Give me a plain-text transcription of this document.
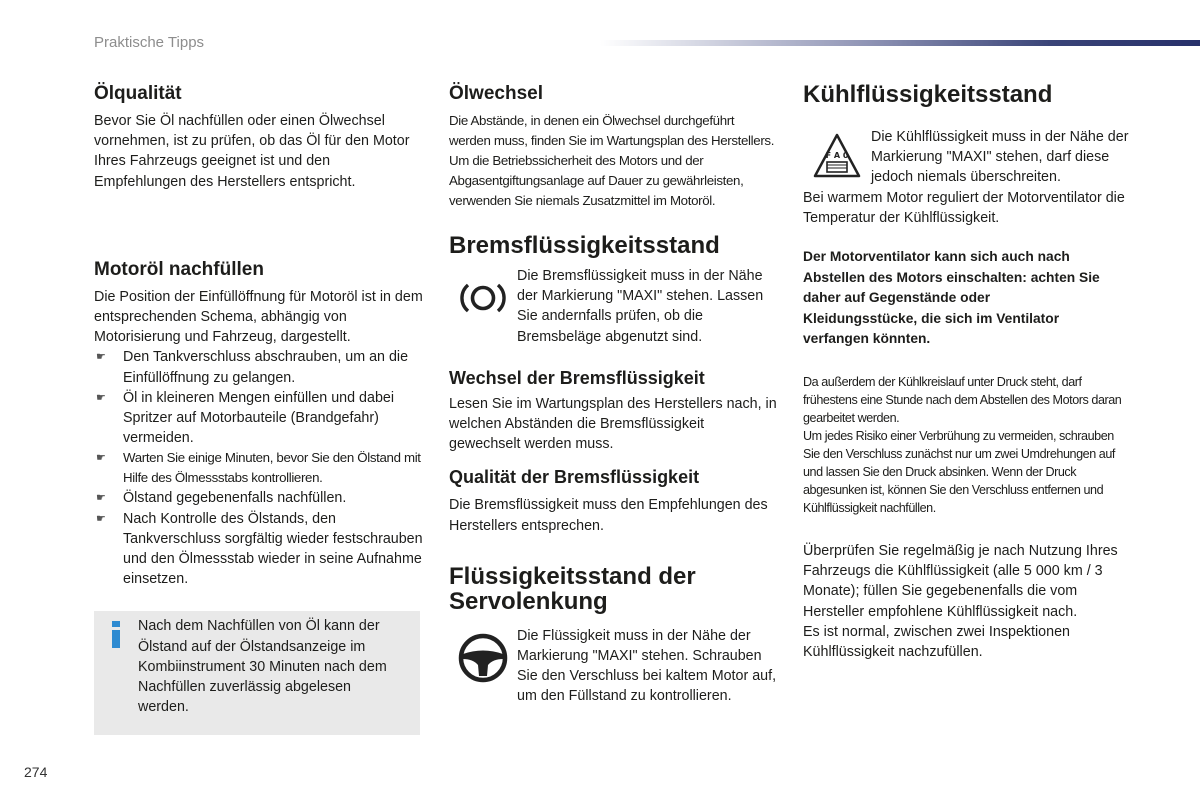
Praktische Tipps
Ölqualität
Bevor Sie Öl nachfüllen oder einen Ölwechsel vornehmen, ist zu prüfen, ob das Öl für den Motor Ihres Fahrzeugs geeignet ist und den Empfehlungen des Herstellers entspricht.
Motoröl nachfüllen
Die Position der Einfüllöffnung für Motoröl ist in dem entsprechenden Schema, abhängig von Motorisierung und Fahrzeug, dargestellt.
☛ Den Tankverschluss abschrauben, um an die Einfüllöffnung zu gelangen.
☛ Öl in kleineren Mengen einfüllen und dabei Spritzer auf Motorbauteile (Brandgefahr) vermeiden.
☛ Warten Sie einige Minuten, bevor Sie den Ölstand mit Hilfe des Ölmessstabs kontrollieren.
☛ Ölstand gegebenenfalls nachfüllen.
☛ Nach Kontrolle des Ölstands, den Tankverschluss sorgfältig wieder festschrauben und den Ölmessstab wieder in seine Aufnahme einsetzen.
Nach dem Nachfüllen von Öl kann der Ölstand auf der Ölstandsanzeige im Kombiinstrument 30 Minuten nach dem Nachfüllen zuverlässig abgelesen werden.
Ölwechsel
Die Abstände, in denen ein Ölwechsel durchgeführt werden muss, finden Sie im Wartungsplan des Herstellers.
Um die Betriebssicherheit des Motors und der Abgasentgiftungsanlage auf Dauer zu gewährleisten, verwenden Sie niemals Zusatzmittel im Motoröl.
Bremsflüssigkeitsstand
Die Bremsflüssigkeit muss in der Nähe der Markierung "MAXI" stehen. Lassen Sie andernfalls prüfen, ob die Bremsbeläge abgenutzt sind.
Wechsel der Bremsflüssigkeit
Lesen Sie im Wartungsplan des Herstellers nach, in welchen Abständen die Bremsflüssigkeit gewechselt werden muss.
Qualität der Bremsflüssigkeit
Die Bremsflüssigkeit muss den Empfehlungen des Herstellers entsprechen.
Flüssigkeitsstand der
Servolenkung
Die Flüssigkeit muss in der Nähe der Markierung "MAXI" stehen. Schrauben Sie den Verschluss bei kaltem Motor auf, um den Füllstand zu kontrollieren.
Kühlflüssigkeitsstand
F A 0
Die Kühlflüssigkeit muss in der Nähe der Markierung "MAXI" stehen, darf diese jedoch niemals überschreiten.
Bei warmem Motor reguliert der Motorventilator die Temperatur der Kühlflüssigkeit.
Der Motorventilator kann sich auch nach Abstellen des Motors einschalten: achten Sie daher auf Gegenstände oder Kleidungsstücke, die sich im Ventilator verfangen könnten.
Da außerdem der Kühlkreislauf unter Druck steht, darf frühestens eine Stunde nach dem Abstellen des Motors daran gearbeitet werden.
Um jedes Risiko einer Verbrühung zu vermeiden, schrauben Sie den Verschluss zunächst nur um zwei Umdrehungen auf und lassen Sie den Druck absinken. Wenn der Druck abgesunken ist, können Sie den Verschluss entfernen und Kühlflüssigkeit nachfüllen.
Überprüfen Sie regelmäßig je nach Nutzung Ihres Fahrzeugs die Kühlflüssigkeit (alle 5 000 km / 3 Monate); füllen Sie gegebenenfalls die vom Hersteller empfohlene Kühlflüssigkeit nach.
Es ist normal, zwischen zwei Inspektionen Kühlflüssigkeit nachzufüllen.
274
